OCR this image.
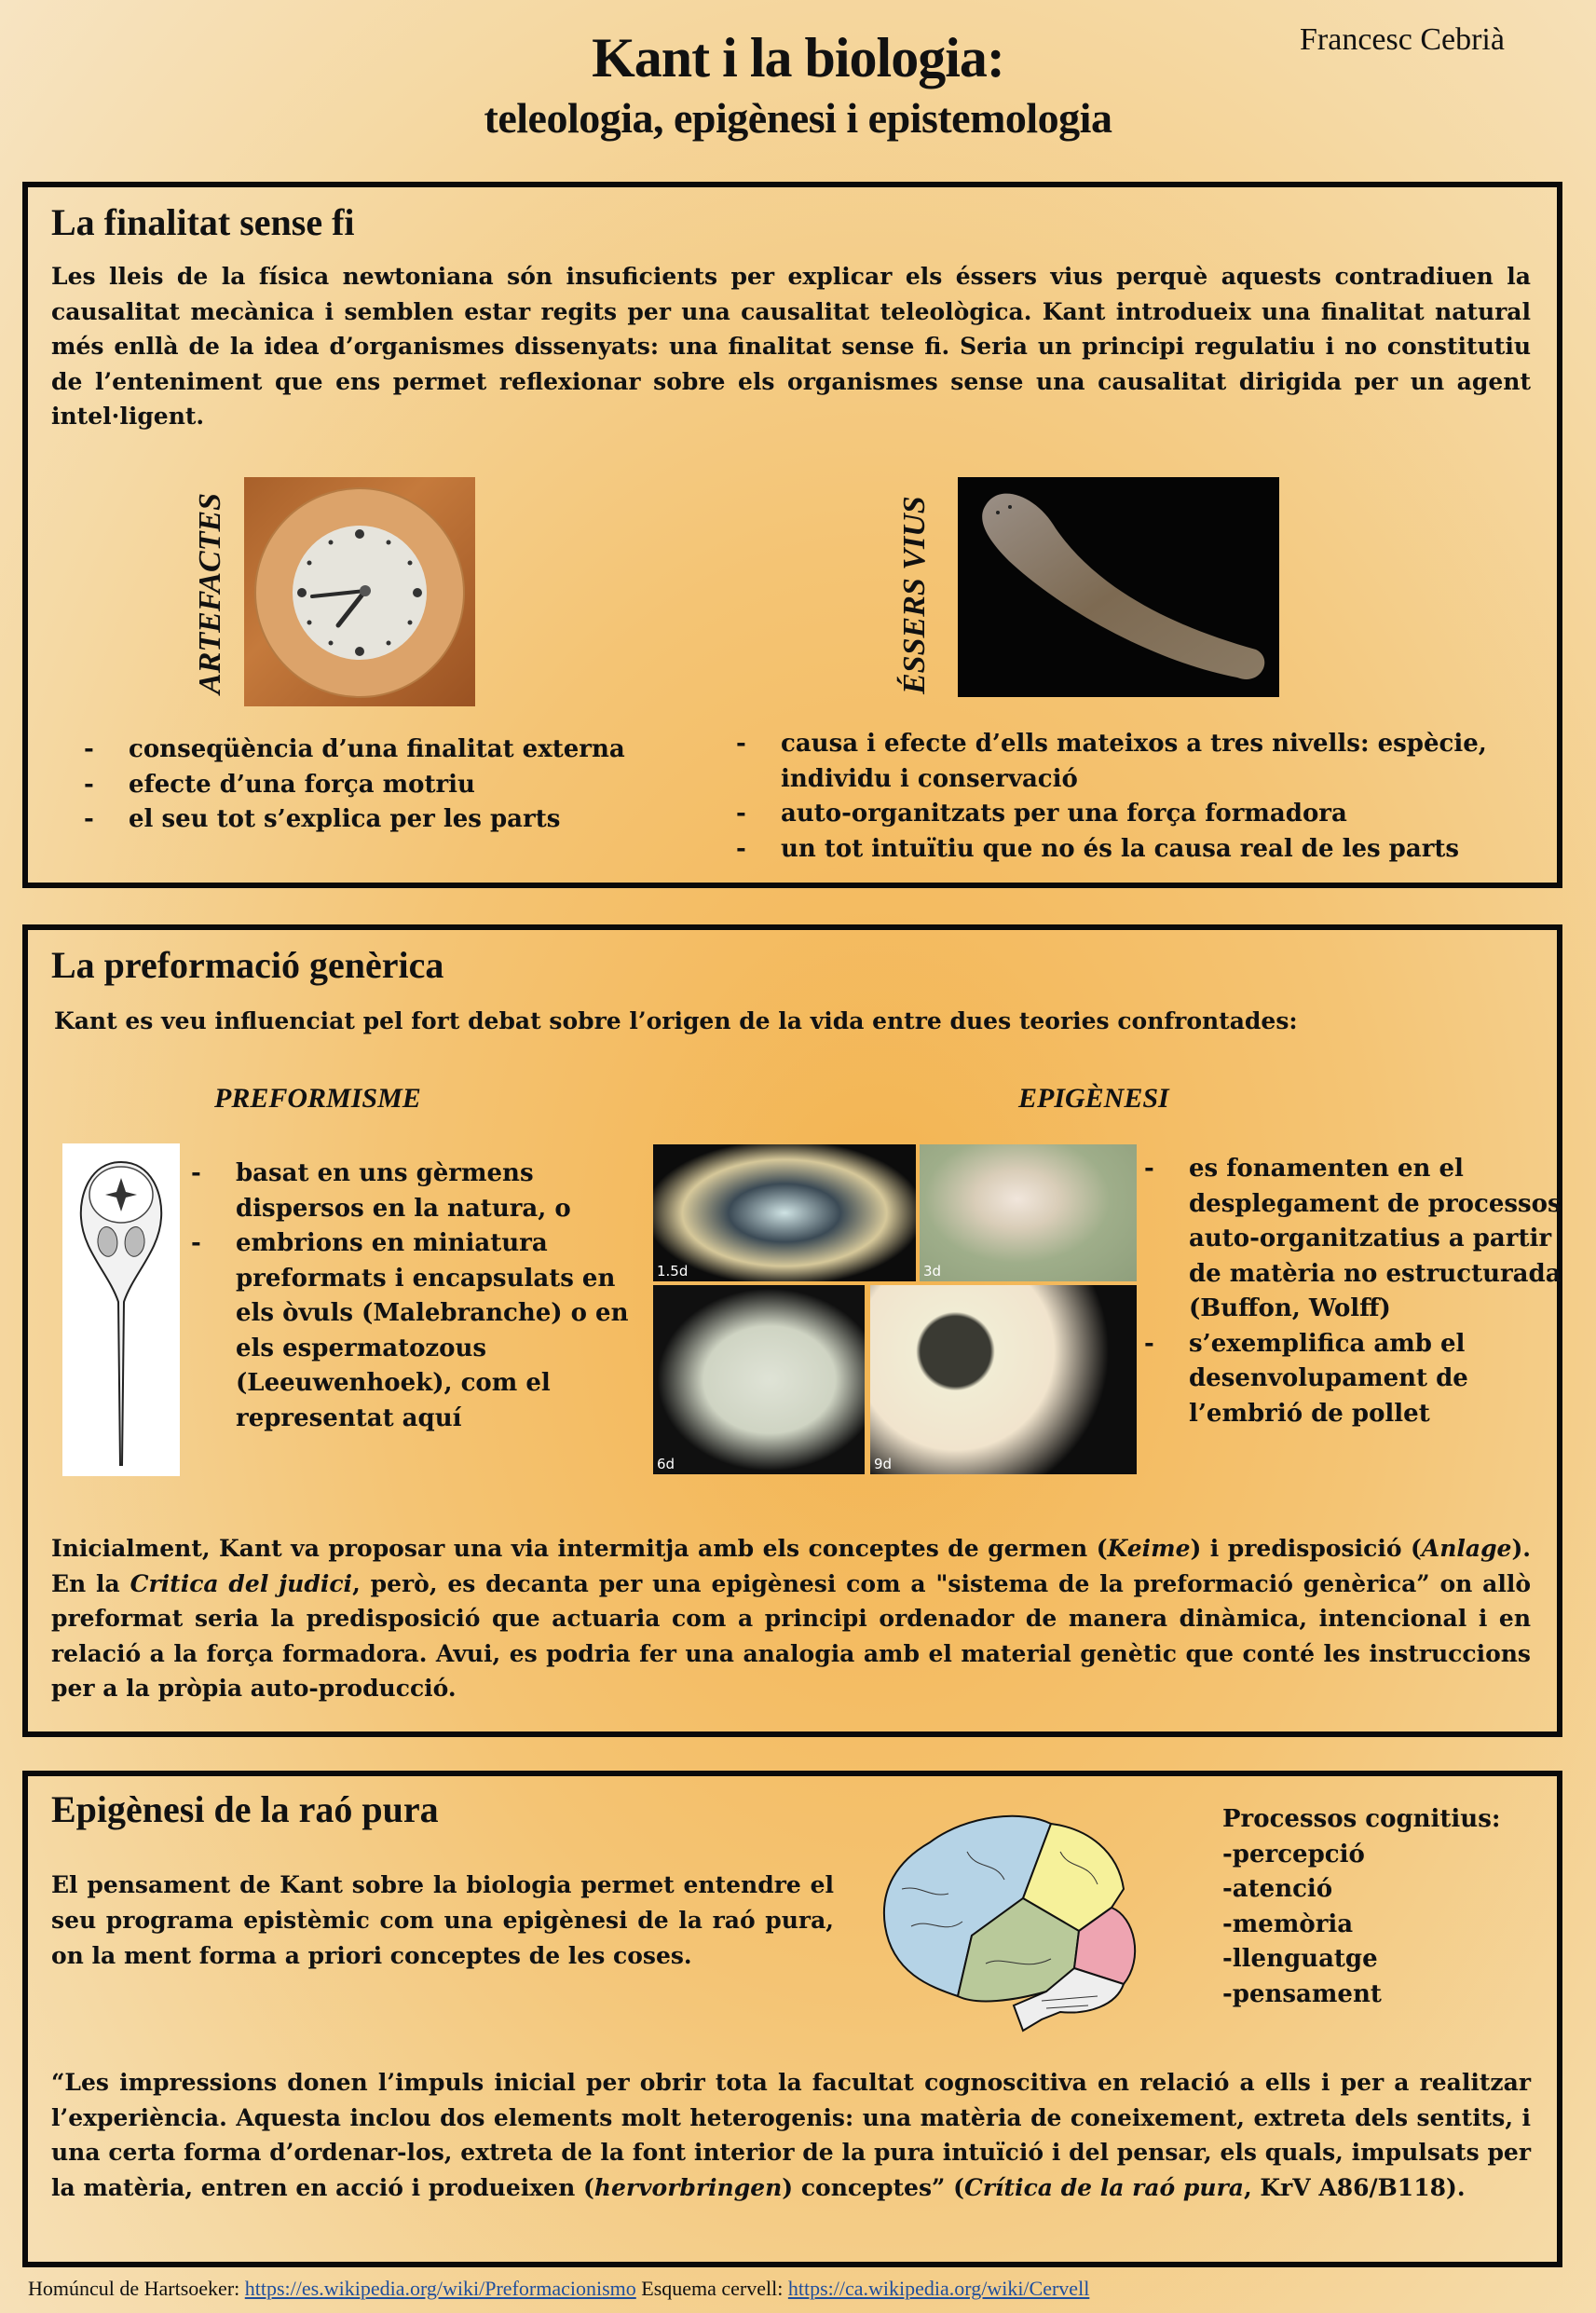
Kant i la biologia:
teleologia, epigènesi i epistemologia
Francesc Cebrià
La finalitat sense fi
Les lleis de la física newtoniana són insuficients per explicar els éssers vius perquè aquests contradiuen la causalitat mecànica i semblen estar regits per una causalitat teleològica. Kant introdueix una finalitat natural més enllà de la idea d’organismes dissenyats: una finalitat sense fi. Seria un principi regulatiu i no constitutiu de l’enteniment que ens permet reflexionar sobre els organismes sense una causalitat dirigida per un agent intel·ligent.
ARTEFACTES	ÉSSERS VIUS
- conseqüència d’una finalitat externa
- efecte d’una força motriu
- el seu tot s’explica per les parts
- causa i efecte d’ells mateixos a tres nivells: espècie, individu i conservació
- auto-organitzats per una força formadora
- un tot intuïtiu que no és la causa real de les parts
La preformació genèrica
Kant es veu influenciat pel fort debat sobre l’origen de la vida entre dues teories confrontades:
PREFORMISME	EPIGÈNESI
- basat en uns gèrmens dispersos en la natura, o
- embrions en miniatura preformats i encapsulats en els òvuls (Malebranche) o en els espermatozous (Leeuwenhoek), com el representat aquí
1.5d	3d
6d	9d
- es fonamenten en el desplegament de processos auto-organitzatius a partir de matèria no estructurada (Buffon, Wolff)
- s’exemplifica amb el desenvolupament de l’embrió de pollet
Inicialment, Kant va proposar una via intermitja amb els conceptes de germen (Keime) i predisposició (Anlage). En la Critica del judici, però, es decanta per una epigènesi com a "sistema de la preformació genèrica” on allò preformat seria la predisposició que actuaria com a principi ordenador de manera dinàmica, intencional i en relació a la força formadora. Avui, es podria fer una analogia amb el material genètic que conté les instruccions per a la pròpia auto-producció.
Epigènesi de la raó pura
El pensament de Kant sobre la biologia permet entendre el seu programa epistèmic com una epigènesi de la raó pura, on la ment forma a priori conceptes de les coses.
Processos cognitius:
-percepció
-atenció
-memòria
-llenguatge
-pensament
“Les impressions donen l’impuls inicial per obrir tota la facultat cognoscitiva en relació a ells i per a realitzar l’experiència. Aquesta inclou dos elements molt heterogenis: una matèria de coneixement, extreta dels sentits, i una certa forma d’ordenar-los, extreta de la font interior de la pura intuïció i del pensar, els quals, impulsats per la matèria, entren en acció i produeixen (hervorbringen) conceptes” (Crítica de la raó pura, KrV A86/B118).
Homúncul de Hartsoeker: https://es.wikipedia.org/wiki/Preformacionismo Esquema cervell: https://ca.wikipedia.org/wiki/Cervell
